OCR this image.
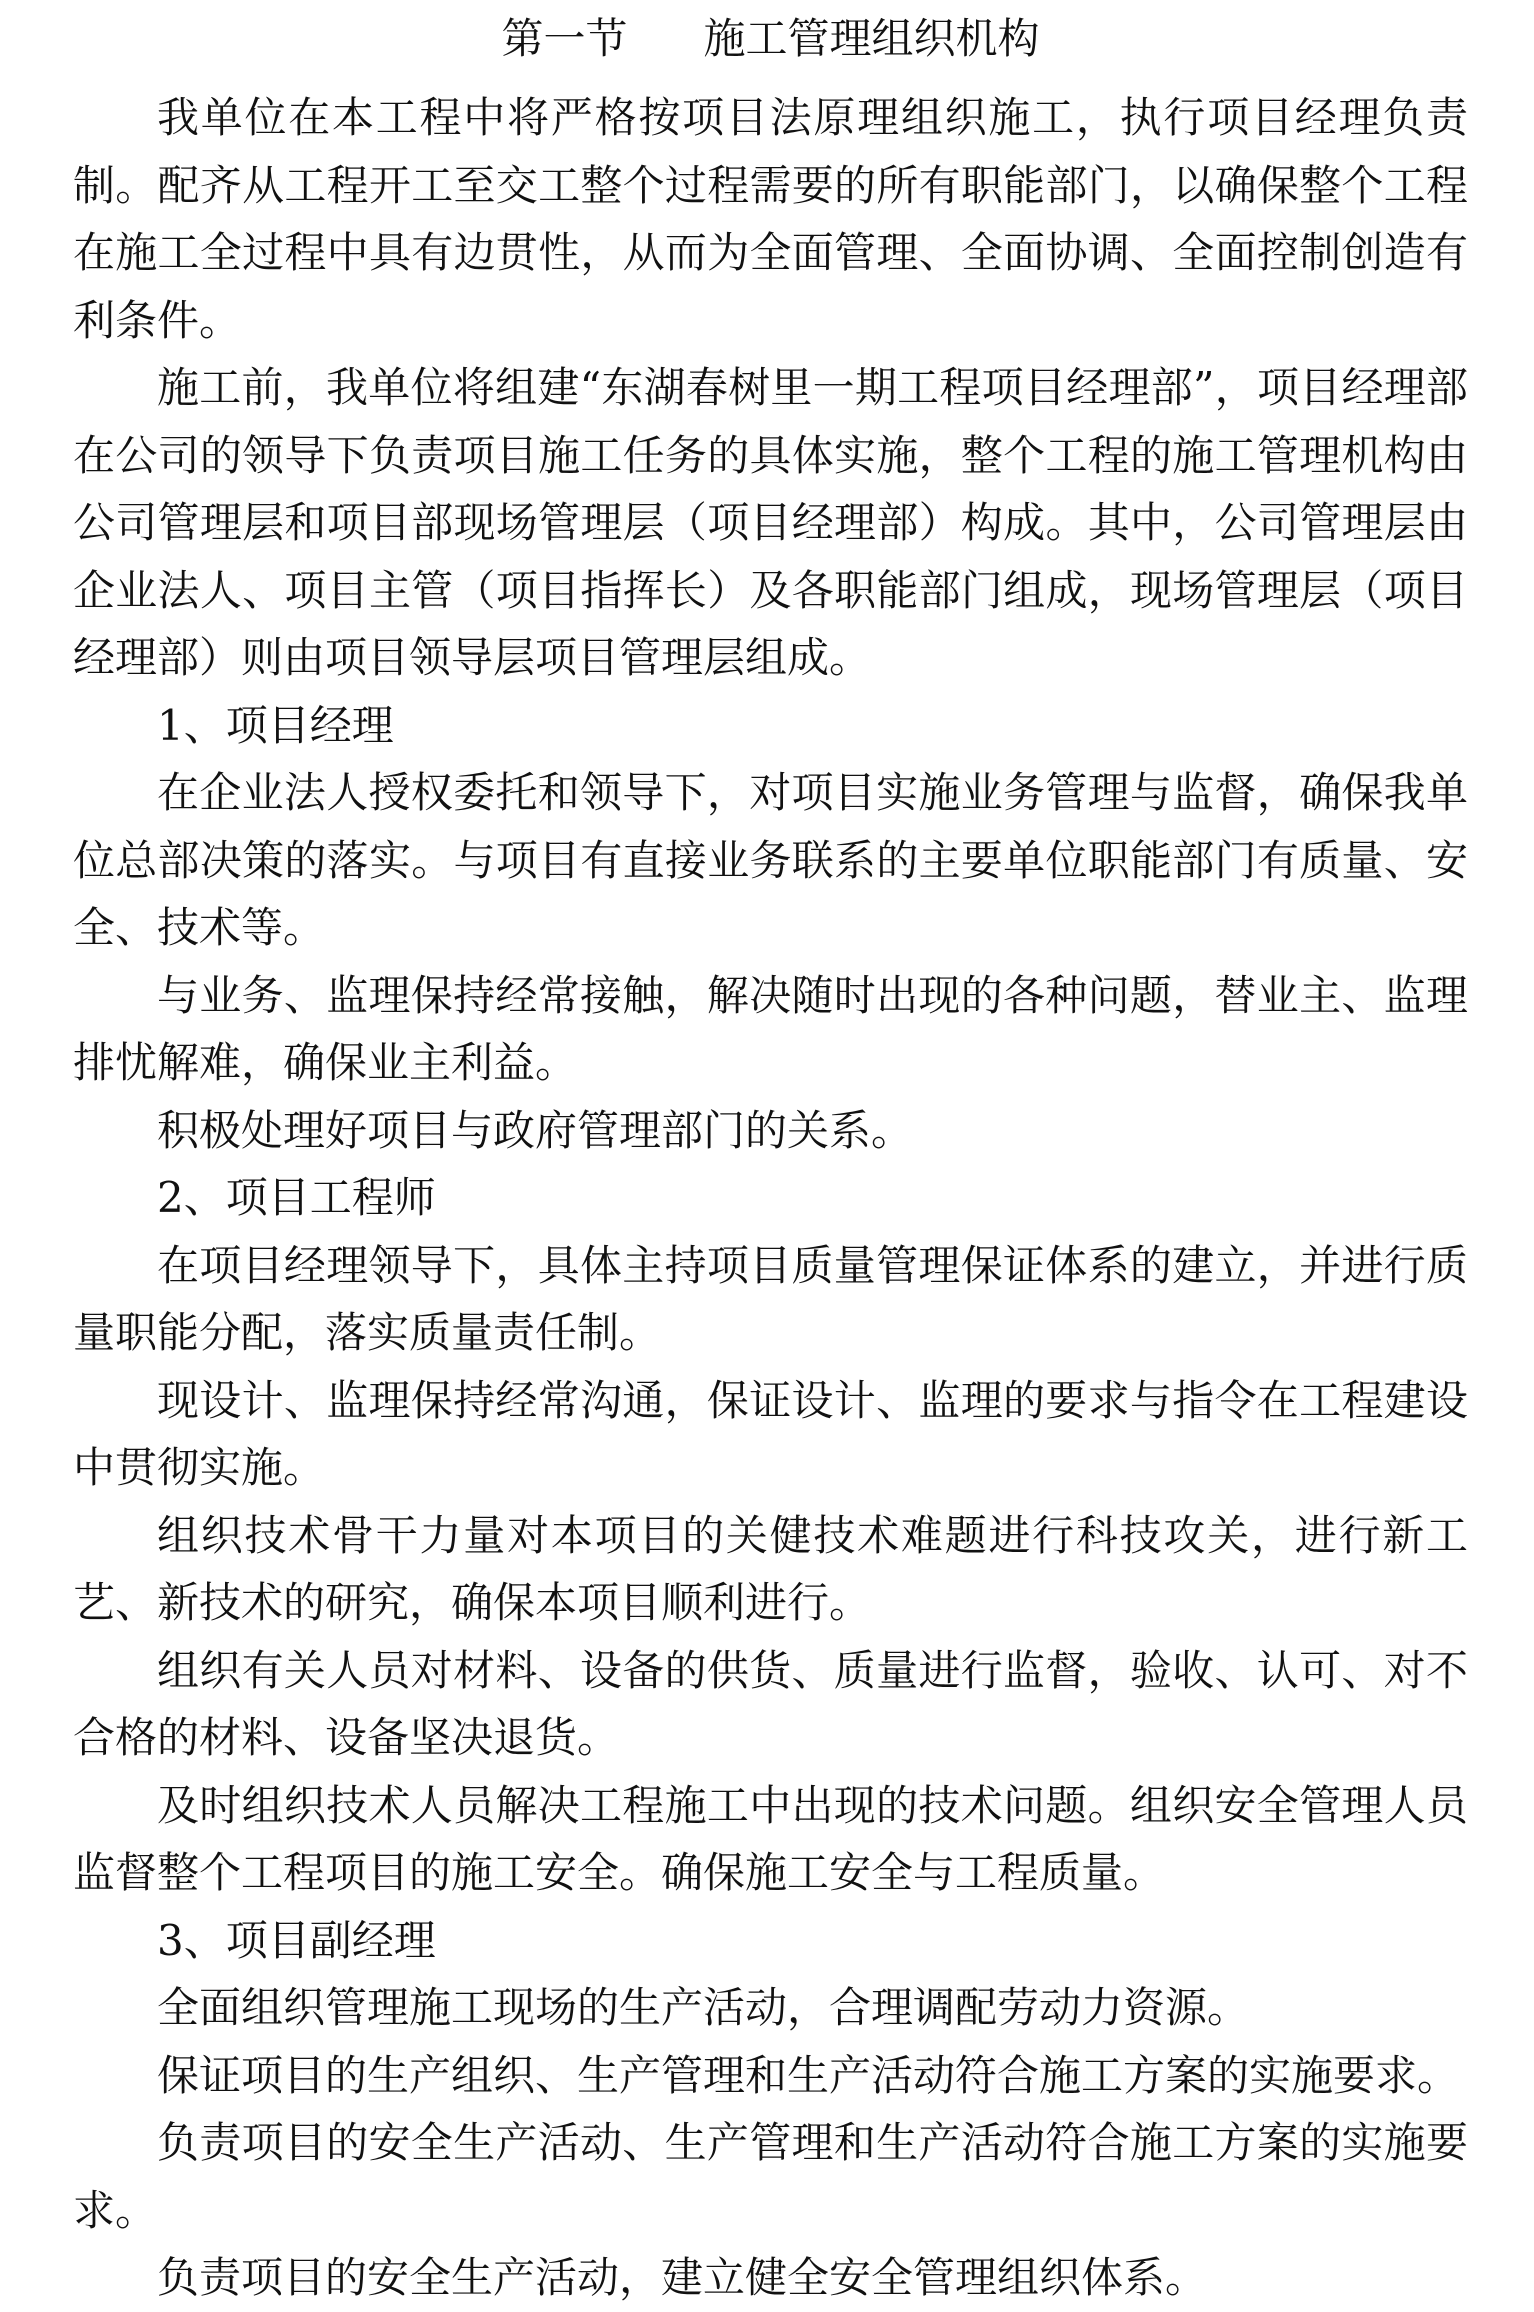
第一节 施工管理组织机构

我单位在本工程中将严格按项目法原理组织施工，执行项目经理负责制。配齐从工程开工至交工整个过程需要的所有职能部门，以确保整个工程在施工全过程中具有边贯性，从而为全面管理、全面协调、全面控制创造有利条件。

施工前，我单位将组建“东湖春树里一期工程项目经理部”，项目经理部在公司的领导下负责项目施工任务的具体实施，整个工程的施工管理机构由公司管理层和项目部现场管理层（项目经理部）构成。其中，公司管理层由企业法人、项目主管（项目指挥长）及各职能部门组成，现场管理层（项目经理部）则由项目领导层项目管理层组成。

1、项目经理

在企业法人授权委托和领导下，对项目实施业务管理与监督，确保我单位总部决策的落实。与项目有直接业务联系的主要单位职能部门有质量、安全、技术等。

与业务、监理保持经常接触，解决随时出现的各种问题，替业主、监理排忧解难，确保业主利益。

积极处理好项目与政府管理部门的关系。

2、项目工程师

在项目经理领导下，具体主持项目质量管理保证体系的建立，并进行质量职能分配，落实质量责任制。

现设计、监理保持经常沟通，保证设计、监理的要求与指令在工程建设中贯彻实施。

组织技术骨干力量对本项目的关健技术难题进行科技攻关，进行新工艺、新技术的研究，确保本项目顺利进行。

组织有关人员对材料、设备的供货、质量进行监督，验收、认可、对不合格的材料、设备坚决退货。

及时组织技术人员解决工程施工中出现的技术问题。组织安全管理人员监督整个工程项目的施工安全。确保施工安全与工程质量。

3、项目副经理

全面组织管理施工现场的生产活动，合理调配劳动力资源。

保证项目的生产组织、生产管理和生产活动符合施工方案的实施要求。

负责项目的安全生产活动、生产管理和生产活动符合施工方案的实施要求。

负责项目的安全生产活动，建立健全安全管理组织体系。
